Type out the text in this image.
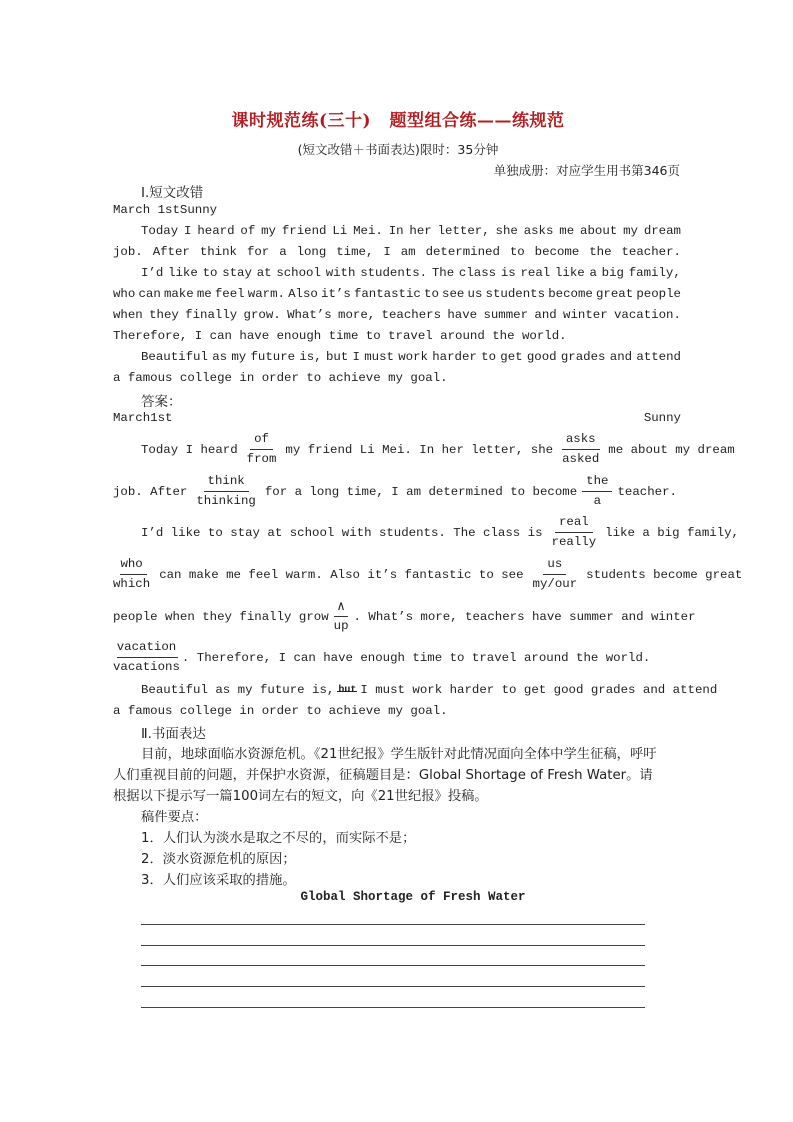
课时规范练(三十) 题型组合练——练规范
(短文改错＋书面表达)限时：35分钟
单独成册：对应学生用书第346页
Ⅰ.短文改错
March 1stSunny
Today I heard of my friend Li Mei. In her letter, she asks me about my dream
job. After think for a long time, I am determined to become the teacher.
I’d like to stay at school with students. The class is real like a big family,
who can make me feel warm. Also it’s fantastic to see us students become great people
when they finally grow. What’s more, teachers have summer and winter vacation.
Therefore, I can have enough time to travel around the world.
Beautiful as my future is, but I must work harder to get good grades and attend
a famous college in order to achieve my goal.
答案：
March1st	Sunny
Today I heard $\frac{of}{\text{from}}$ my friend Li Mei. In her letter, she $\frac{\text{asks}}{\text{asked}}$ me about my dream
job. After $\frac{\text{think}}{\text{thinking}}$ for a long time, I am determined to become $\frac{\text{the}}{a}$ teacher.
I’d like to stay at school with students. The class is $\frac{\text{real}}{\text{really}}$ like a big family,
$\frac{\text{who}}{\text{which}}$ can make me feel warm. Also it’s fantastic to see $\frac{us}{\text{my/our}}$ students become great
people when they finally grow $\frac{\wedge}{up}$ . What’s more, teachers have summer and winter
$\frac{\text{vacation}}{\text{vacations}}$ . Therefore, I can have enough time to travel around the world.
Beautiful as my future is, but I must work harder to get good grades and attend
a famous college in order to achieve my goal.
Ⅱ.书面表达
目前，地球面临水资源危机。《21世纪报》学生版针对此情况面向全体中学生征稿，呼吁
人们重视目前的问题，并保护水资源，征稿题目是：Global Shortage of Fresh Water。请
根据以下提示写一篇100词左右的短文，向《21世纪报》投稿。
稿件要点：
1．人们认为淡水是取之不尽的，而实际不是；
2．淡水资源危机的原因；
3．人们应该采取的措施。
Global Shortage of Fresh Water
